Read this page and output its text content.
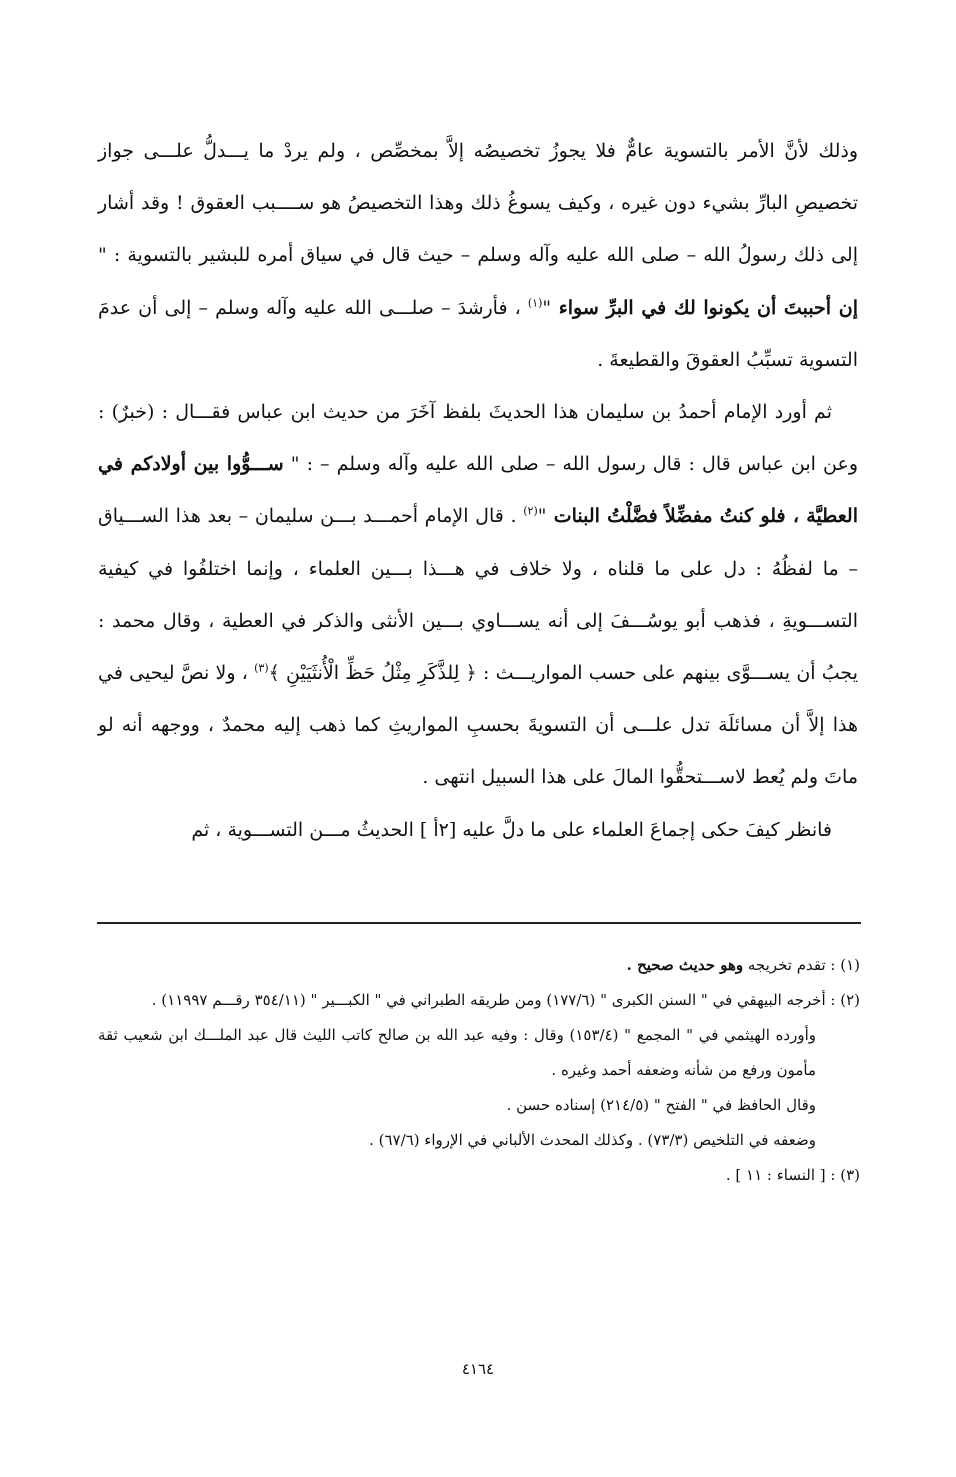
وذلك لأنَّ الأمر بالتسوية عامٌّ فلا يجوزُ تخصيصُه إلاَّ بمخصِّص ، ولم يردْ ما يـــدلُّ علـــى جواز تخصيصِ البارِّ بشيء دون غيره ، وكيف يسوغُ ذلك وهذا التخصيصُ هو ســــبب العقوق ! وقد أشار إلى ذلك رسولُ الله – صلى الله عليه وآله وسلم – حيث قال في سياق أمره للبشير بالتسوية : " إن أحببتَ أن يكونوا لك في البرِّ سواء "$^{(١)}$ ، فأرشدَ – صلـــى الله عليه وآله وسلم – إلى أن عدمَ التسوية تسبِّبُ العقوقَ والقطيعةَ .

ثم أورد الإمام أحمدُ بن سليمان هذا الحديثَ بلفظ آخَرَ من حديث ابن عباس فقـــال : (خبرٌ) : وعن ابن عباس قال : قال رسول الله – صلى الله عليه وآله وسلم – : " ســـوُّوا بين أولادكم في العطيَّة ، فلو كنتُ مفضِّلاً فضَّلْتُ البنات "$^{(٢)}$ . قال الإمام أحمـــد بـــن سليمان – بعد هذا الســـياق – ما لفظُهُ : دل على ما قلناه ، ولا خلاف في هـــذا بـــين العلماء ، وإنما اختلفُوا في كيفية التســـويةِ ، فذهب أبو يوسُـــفَ إلى أنه يســـاوي بـــين الأنثى والذكر في العطية ، وقال محمد : يجبُ أن يســـوَّى بينهم على حسب المواريـــث : ﴿ لِلذَّكَرِ مِثْلُ حَظِّ الْأُنثَيَيْنِ ﴾$^{(٣)}$ ، ولا نصَّ ليحيى في هذا إلاَّ أن مسائلَة تدل علـــى أن التسويةَ بحسبِ المواريثِ كما ذهب إليه محمدٌ ، ووجهه أنه لو ماتَ ولم يُعط لاســـتحقُّوا المالَ على هذا السبيل انتهى .

فانظر كيفَ حكى إجماعَ العلماء على ما دلَّ عليه [٢أ ] الحديثُ مـــن التســـوية ، ثم

(١) : تقدم تخريجه وهو حديث صحيح .

(٢) : أخرجه البيهقي في " السنن الكبرى " (١٧٧/٦) ومن طريقه الطبراني في " الكبـــير " (٣٥٤/١١ رقـــم ١١٩٩٧) .

وأورده الهيثمي في " المجمع " (١٥٣/٤) وقال : وفيه عبد الله بن صالح كاتب الليث قال عبد الملـــك ابن شعيب ثقة مأمون ورفع من شأنه وضعفه أحمد وغيره .

وقال الحافظ في " الفتح " (٢١٤/٥) إسناده حسن .

وضعفه في التلخيص (٧٣/٣) . وكذلك المحدث الألباني في الإرواء (٦٧/٦) .

(٣) : [ النساء : ١١ ] .

٤١٦٤
